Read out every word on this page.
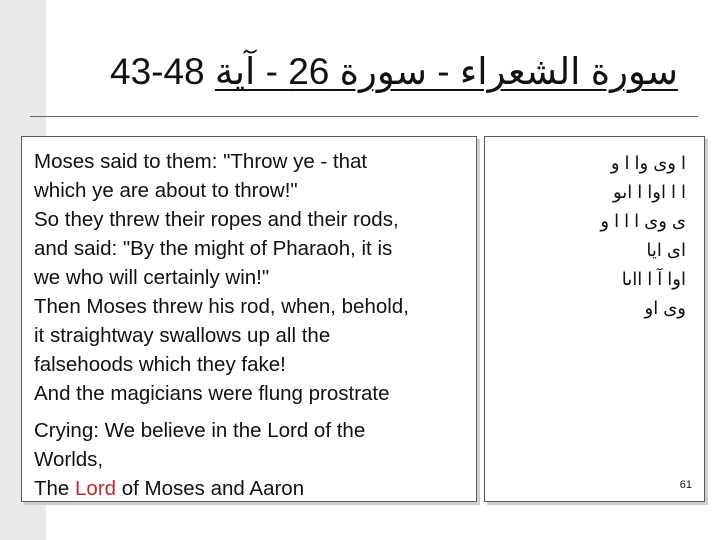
43-48 سورة الشعراء - سورة 26 - آية
Moses said to them: "Throw ye - that
which ye are about to throw!"
So they threw their ropes and their rods,
and said: "By the might of Pharaoh, it is
we who will certainly win!"
Then Moses threw his rod, when, behold,
it straightway swallows up all the
falsehoods which they fake!
And the magicians were flung prostrate
Crying: We believe in the Lord of the
Worlds,
The Lord of Moses and Aaron
ا وى وا ا و
ا ا اوا ا اىو
ى وى ا ا ا و
اى ايا
اوا آ ا ااىا
وى او
61
